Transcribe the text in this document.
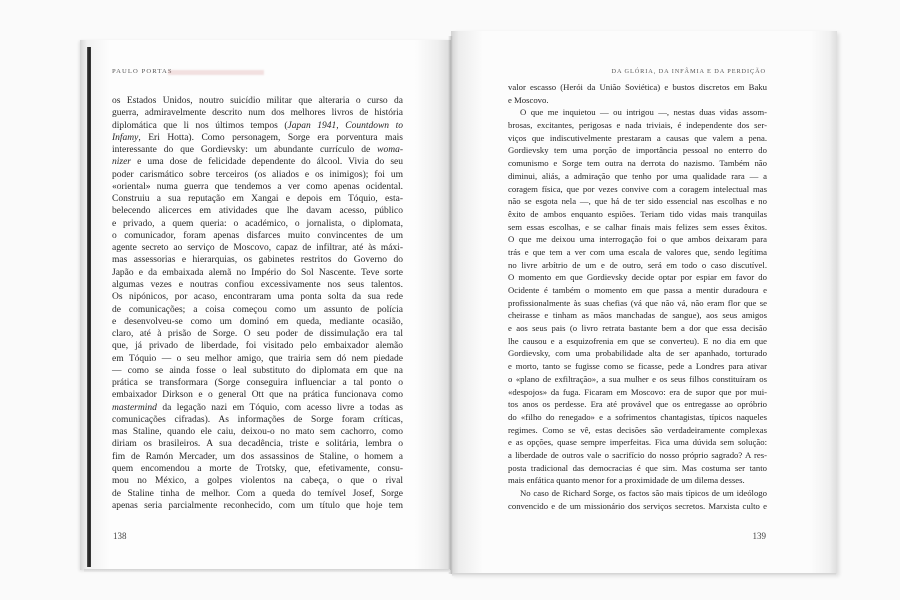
PAULO PORTAS	DA GLÓRIA, DA INFÂMIA E DA PERDIÇÃO
os Estados Unidos, noutro suicídio militar que alteraria o curso da
guerra, admiravelmente descrito num dos melhores livros de história
diplomática que li nos últimos tempos (Japan 1941, Countdown to
Infamy, Eri Hotta). Como personagem, Sorge era porventura mais
interessante do que Gordievsky: um abundante currículo de woma-
nizer e uma dose de felicidade dependente do álcool. Vivia do seu
poder carismático sobre terceiros (os aliados e os inimigos); foi um
«oriental» numa guerra que tendemos a ver como apenas ocidental.
Construiu a sua reputação em Xangai e depois em Tóquio, esta-
belecendo alicerces em atividades que lhe davam acesso, público
e privado, a quem queria: o académico, o jornalista, o diplomata,
o comunicador, foram apenas disfarces muito convincentes de um
agente secreto ao serviço de Moscovo, capaz de infiltrar, até às máxi-
mas assessorias e hierarquias, os gabinetes restritos do Governo do
Japão e da embaixada alemã no Império do Sol Nascente. Teve sorte
algumas vezes e noutras confiou excessivamente nos seus talentos.
Os nipónicos, por acaso, encontraram uma ponta solta da sua rede
de comunicações; a coisa começou como um assunto de polícia
e desenvolveu-se como um dominó em queda, mediante ocasião,
claro, até à prisão de Sorge. O seu poder de dissimulação era tal
que, já privado de liberdade, foi visitado pelo embaixador alemão
em Tóquio — o seu melhor amigo, que trairia sem dó nem piedade
— como se ainda fosse o leal substituto do diplomata em que na
prática se transformara (Sorge conseguira influenciar a tal ponto o
embaixador Dirkson e o general Ott que na prática funcionava como
mastermind da legação nazi em Tóquio, com acesso livre a todas as
comunicações cifradas). As informações de Sorge foram críticas,
mas Staline, quando ele caiu, deixou-o no mato sem cachorro, como
diriam os brasileiros. A sua decadência, triste e solitária, lembra o
fim de Ramón Mercader, um dos assassinos de Staline, o homem a
quem encomendou a morte de Trotsky, que, efetivamente, consu-
mou no México, a golpes violentos na cabeça, o que o rival
de Staline tinha de melhor. Com a queda do temível Josef, Sorge
apenas seria parcialmente reconhecido, com um título que hoje tem
valor escasso (Herói da União Soviética) e bustos discretos em Baku
e Moscovo.
O que me inquietou — ou intrigou —, nestas duas vidas assom-
brosas, excitantes, perigosas e nada triviais, é independente dos ser-
viços que indiscutivelmente prestaram a causas que valem a pena.
Gordievsky tem uma porção de importância pessoal no enterro do
comunismo e Sorge tem outra na derrota do nazismo. Também não
diminui, aliás, a admiração que tenho por uma qualidade rara — a
coragem física, que por vezes convive com a coragem intelectual mas
não se esgota nela —, que há de ter sido essencial nas escolhas e no
êxito de ambos enquanto espiões. Teriam tido vidas mais tranquilas
sem essas escolhas, e se calhar finais mais felizes sem esses êxitos.
O que me deixou uma interrogação foi o que ambos deixaram para
trás e que tem a ver com uma escala de valores que, sendo legítima
no livre arbítrio de um e de outro, será em todo o caso discutível.
O momento em que Gordievsky decide optar por espiar em favor do
Ocidente é também o momento em que passa a mentir duradoura e
profissionalmente às suas chefias (vá que não vá, não eram flor que se
cheirasse e tinham as mãos manchadas de sangue), aos seus amigos
e aos seus pais (o livro retrata bastante bem a dor que essa decisão
lhe causou e a esquizofrenia em que se converteu). E no dia em que
Gordievsky, com uma probabilidade alta de ser apanhado, torturado
e morto, tanto se fugisse como se ficasse, pede a Londres para ativar
o «plano de exfiltração», a sua mulher e os seus filhos constituíram os
«despojos» da fuga. Ficaram em Moscovo: era de supor que por mui-
tos anos os perdesse. Era até provável que os entregasse ao opróbrio
do «filho do renegado» e a sofrimentos chantagistas, típicos naqueles
regimes. Como se vê, estas decisões são verdadeiramente complexas
e as opções, quase sempre imperfeitas. Fica uma dúvida sem solução:
a liberdade de outros vale o sacrifício do nosso próprio sagrado? A res-
posta tradicional das democracias é que sim. Mas costuma ser tanto
mais enfática quanto menor for a proximidade de um dilema desses.
No caso de Richard Sorge, os factos são mais típicos de um ideólogo
convencido e de um missionário dos serviços secretos. Marxista culto e
138	139
